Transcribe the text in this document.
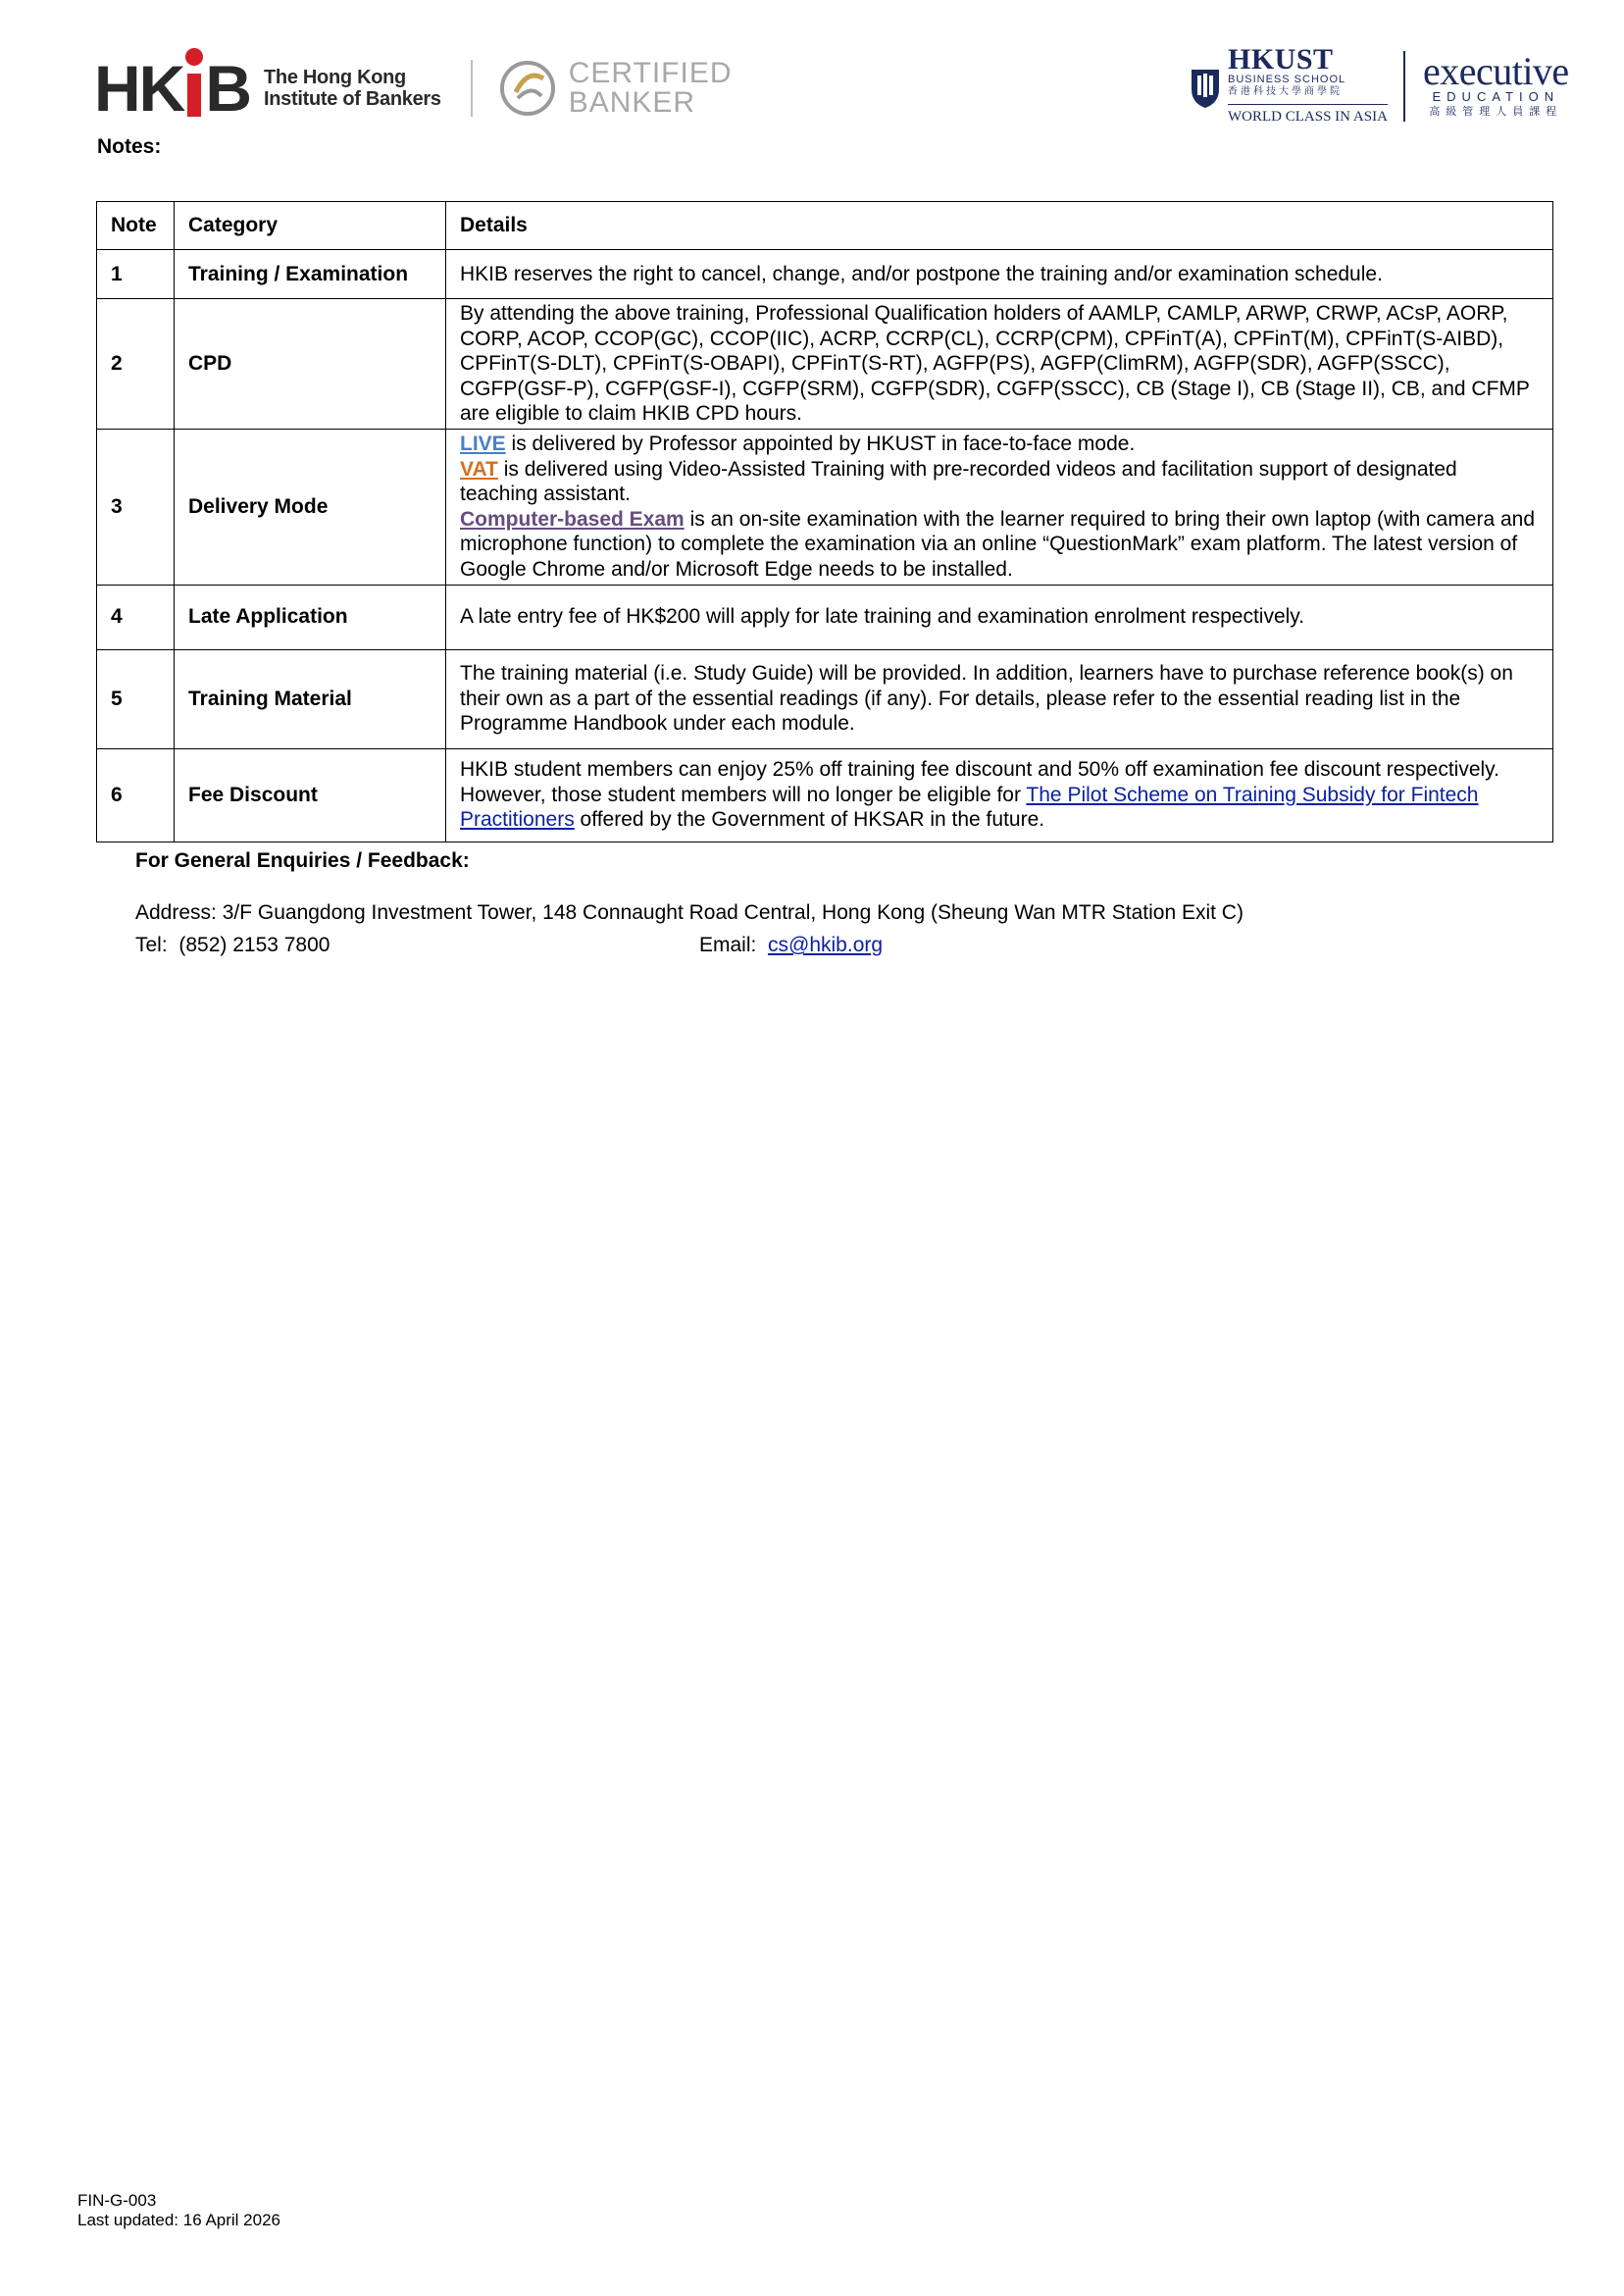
HK B The Hong Kong
Institute of Bankers
CERTIFIED
BANKER
HKUST
BUSINESS SCHOOL
香港科技大學商學院
WORLD CLASS IN ASIA
executive
EDUCATION
高級管理人員課程
Notes:
Note	Category	Details
1	Training / Examination	HKIB reserves the right to cancel, change, and/or postpone the training and/or examination schedule.
2	CPD	By attending the above training, Professional Qualification holders of AAMLP, CAMLP, ARWP, CRWP, ACsP, AORP, CORP, ACOP, CCOP(GC), CCOP(IIC), ACRP, CCRP(CL), CCRP(CPM), CPFinT(A), CPFinT(M), CPFinT(S-AIBD), CPFinT(S-DLT), CPFinT(S-OBAPI), CPFinT(S-RT), AGFP(PS), AGFP(ClimRM), AGFP(SDR), AGFP(SSCC), CGFP(GSF-P), CGFP(GSF-I), CGFP(SRM), CGFP(SDR), CGFP(SSCC), CB (Stage I), CB (Stage II), CB, and CFMP are eligible to claim HKIB CPD hours.
3	Delivery Mode	LIVE is delivered by Professor appointed by HKUST in face-to-face mode.
VAT is delivered using Video-Assisted Training with pre-recorded videos and facilitation support of designated teaching assistant.
Computer-based Exam is an on-site examination with the learner required to bring their own laptop (with camera and microphone function) to complete the examination via an online “QuestionMark” exam platform. The latest version of Google Chrome and/or Microsoft Edge needs to be installed.

4	Late Application	A late entry fee of HK$200 will apply for late training and examination enrolment respectively.
5	Training Material	The training material (i.e. Study Guide) will be provided. In addition, learners have to purchase reference book(s) on their own as a part of the essential readings (if any). For details, please refer to the essential reading list in the Programme Handbook under each module.
6	Fee Discount	HKIB student members can enjoy 25% off training fee discount and 50% off examination fee discount respectively. However, those student members will no longer be eligible for The Pilot Scheme on Training Subsidy for Fintech Practitioners offered by the Government of HKSAR in the future.
For General Enquiries / Feedback:
Address: 3/F Guangdong Investment Tower, 148 Connaught Road Central, Hong Kong (Sheung Wan MTR Station Exit C)
Tel:  (852) 2153 7800	Email:  cs@hkib.org
FIN-G-003
Last updated: 16 April 2026
